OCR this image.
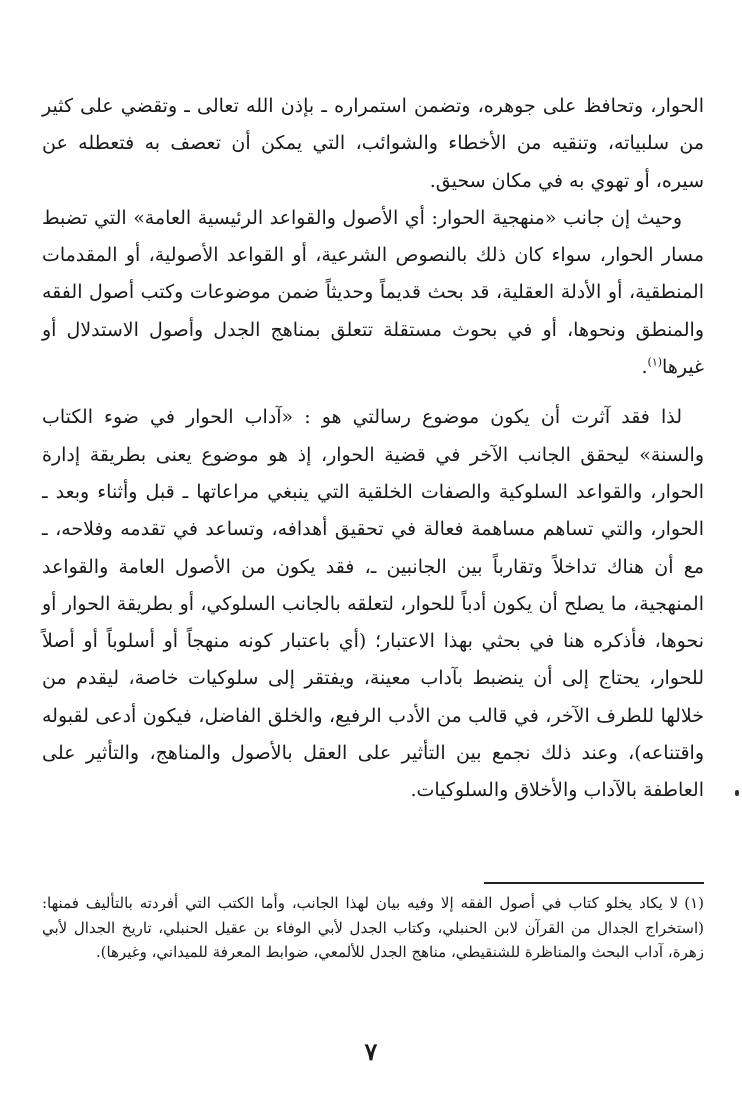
الحوار، وتحافظ على جوهره، وتضمن استمراره ـ بإذن الله تعالى ـ وتقضي على كثير من سلبياته، وتنقيه من الأخطاء والشوائب، التي يمكن أن تعصف به فتعطله عن سيره، أو تهوي به في مكان سحيق.

وحيث إن جانب «منهجية الحوار: أي الأصول والقواعد الرئيسية العامة» التي تضبط مسار الحوار، سواء كان ذلك بالنصوص الشرعية، أو القواعد الأصولية، أو المقدمات المنطقية، أو الأدلة العقلية، قد بحث قديماً وحديثاً ضمن موضوعات وكتب أصول الفقه والمنطق ونحوها، أو في بحوث مستقلة تتعلق بمناهج الجدل وأصول الاستدلال أو غيرها$^{(١)}$.

لذا فقد آثرت أن يكون موضوع رسالتي هو : «آداب الحوار في ضوء الكتاب والسنة» ليحقق الجانب الآخر في قضية الحوار، إذ هو موضوع يعنى بطريقة إدارة الحوار، والقواعد السلوكية والصفات الخلقية التي ينبغي مراعاتها ـ قبل وأثناء وبعد ـ الحوار، والتي تساهم مساهمة فعالة في تحقيق أهدافه، وتساعد في تقدمه وفلاحه، ـ مع أن هناك تداخلاً وتقارباً بين الجانبين ـ، فقد يكون من الأصول العامة والقواعد المنهجية، ما يصلح أن يكون أدباً للحوار، لتعلقه بالجانب السلوكي، أو بطريقة الحوار أو نحوها، فأذكره هنا في بحثي بهذا الاعتبار؛ (أي باعتبار كونه منهجاً أو أسلوباً أو أصلاً للحوار، يحتاج إلى أن ينضبط بآداب معينة، ويفتقر إلى سلوكيات خاصة، ليقدم من خلالها للطرف الآخر، في قالب من الأدب الرفيع، والخلق الفاضل، فيكون أدعى لقبوله واقتناعه)، وعند ذلك نجمع بين التأثير على العقل بالأصول والمناهج، والتأثير على العاطفة بالآداب والأخلاق والسلوكيات.

(١)لا يكاد يخلو كتاب في أصول الفقه إلا وفيه بيان لهذا الجانب، وأما الكتب التي أفردته بالتأليف فمنها: (استخراج الجدال من القرآن لابن الحنبلي، وكتاب الجدل لأبي الوفاء بن عقيل الحنبلي، تاريخ الجدال لأبي زهرة، آداب البحث والمناظرة للشنقيطي، مناهج الجدل للألمعي، ضوابط المعرفة للميداني، وغيرها).

٧
